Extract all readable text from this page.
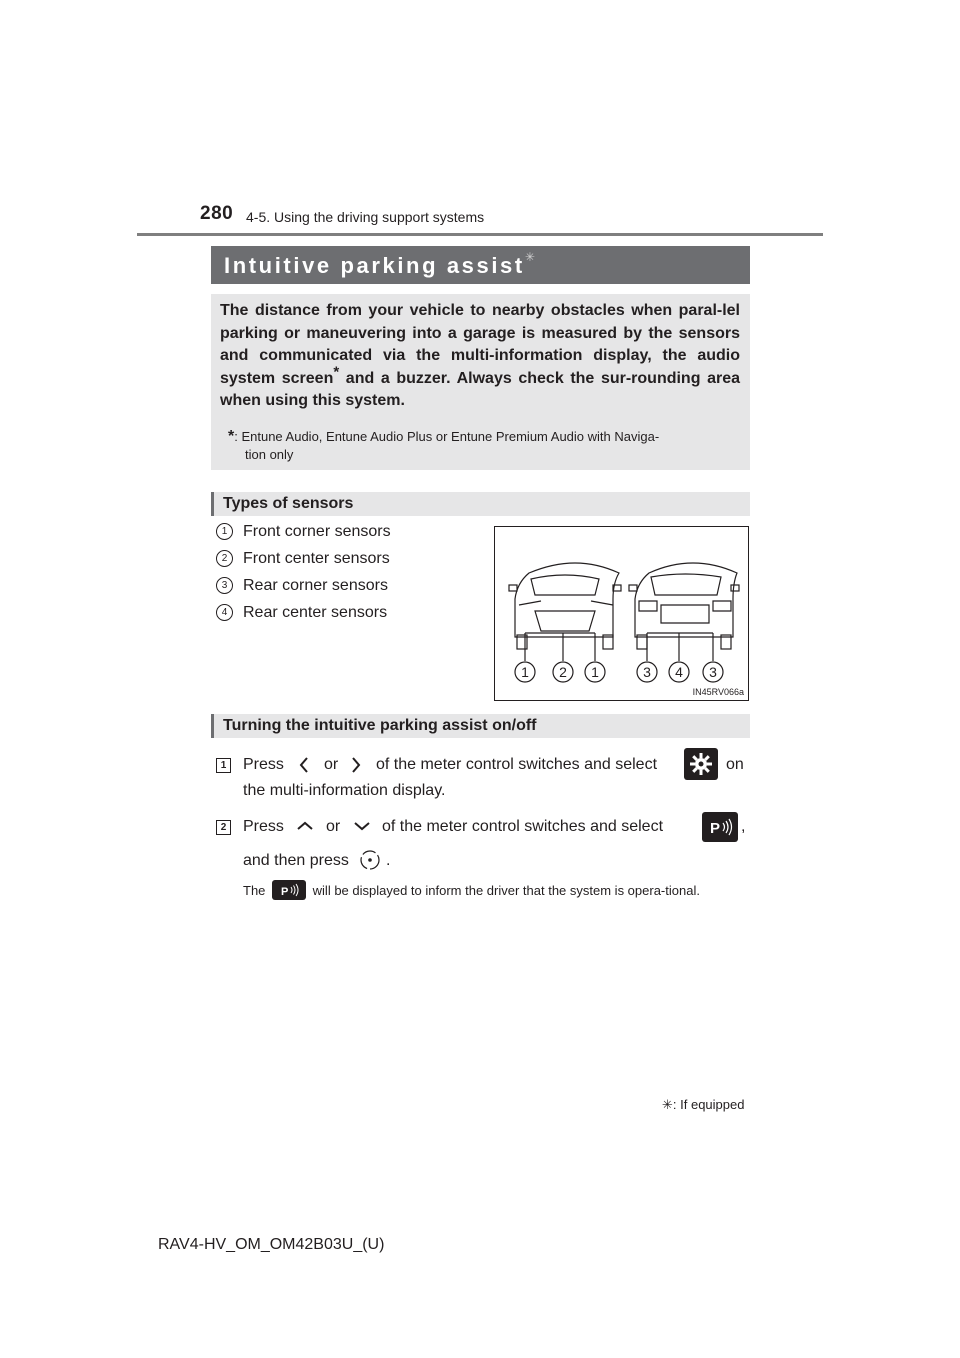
280 4-5. Using the driving support systems
Intuitive parking assist✳
The distance from your vehicle to nearby obstacles when paral-lel parking or maneuvering into a garage is measured by the sensors and communicated via the multi-information display, the audio system screen* and a buzzer. Always check the sur-rounding area when using this system.
*: Entune Audio, Entune Audio Plus or Entune Premium Audio with Naviga-
tion only
Types of sensors
1 Front corner sensors
2 Front center sensors
3 Rear corner sensors
4 Rear center sensors
1 2 1	3 4 3
IN45RV066a
Turning the intuitive parking assist on/off
1 Press	or of the meter control switches and select	on
the multi-information display.
2 Press	or	of the meter control switches and select	P ,
and then press .
The P will be displayed to inform the driver that the system is opera-tional.
✳: If equipped
RAV4-HV_OM_OM42B03U_(U)
